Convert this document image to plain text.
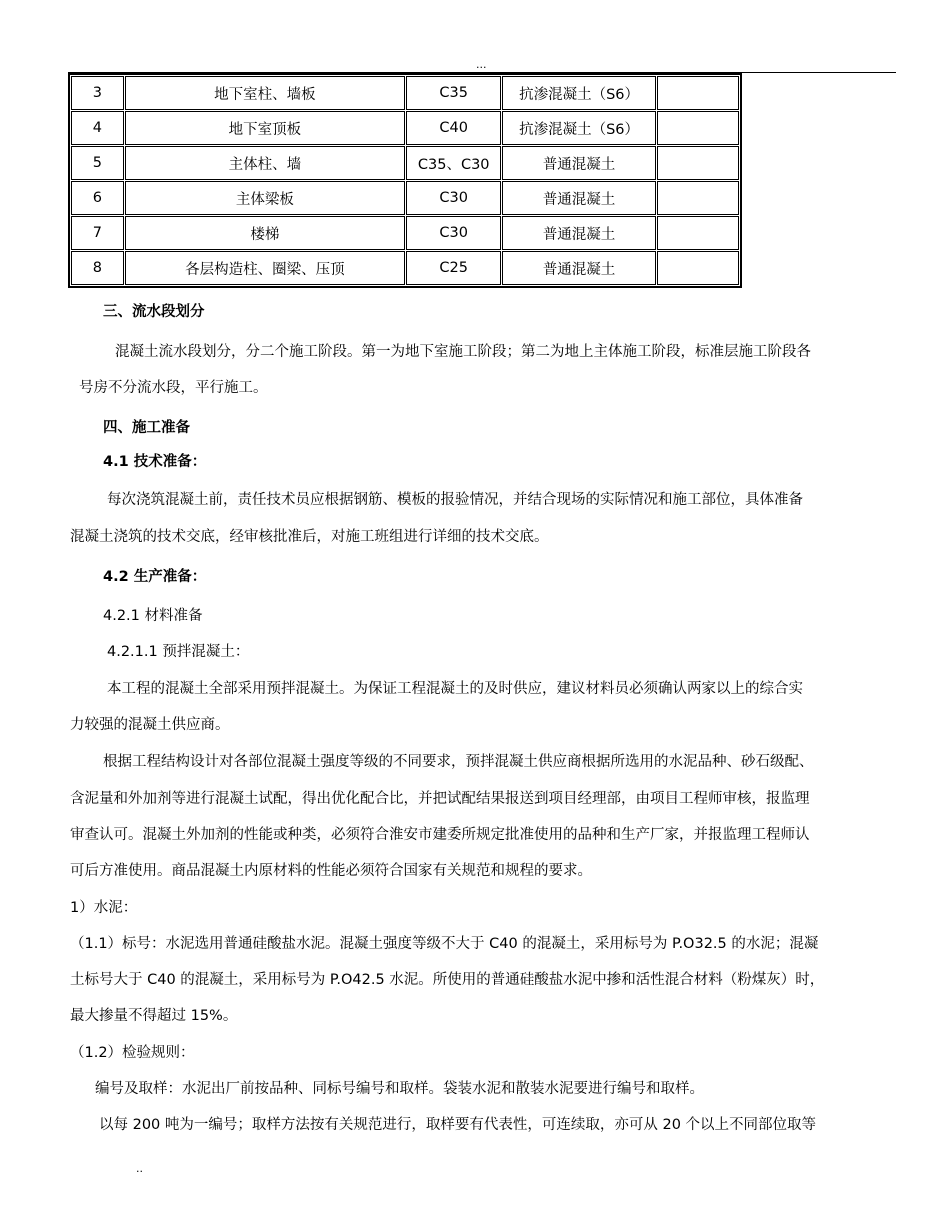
...
3	地下室柱、墙板	C35	抗渗混凝土（S6）	
4	地下室顶板	C40	抗渗混凝土（S6）	
5	主体柱、墙	C35、C30	普通混凝土	
6	主体梁板	C30	普通混凝土	
7	楼梯	C30	普通混凝土	
8	各层构造柱、圈梁、压顶	C25	普通混凝土	
三、流水段划分
混凝土流水段划分，分二个施工阶段。第一为地下室施工阶段；第二为地上主体施工阶段，标准层施工阶段各
号房不分流水段，平行施工。
四、施工准备
4.1 技术准备：
每次浇筑混凝土前，责任技术员应根据钢筋、模板的报验情况，并结合现场的实际情况和施工部位，具体准备
混凝土浇筑的技术交底，经审核批准后，对施工班组进行详细的技术交底。
4.2 生产准备：
4.2.1 材料准备
4.2.1.1 预拌混凝土：
本工程的混凝土全部采用预拌混凝土。为保证工程混凝土的及时供应，建议材料员必须确认两家以上的综合实
力较强的混凝土供应商。
根据工程结构设计对各部位混凝土强度等级的不同要求，预拌混凝土供应商根据所选用的水泥品种、砂石级配、
含泥量和外加剂等进行混凝土试配，得出优化配合比，并把试配结果报送到项目经理部，由项目工程师审核，报监理
审查认可。混凝土外加剂的性能或种类，必须符合淮安市建委所规定批准使用的品种和生产厂家，并报监理工程师认
可后方准使用。商品混凝土内原材料的性能必须符合国家有关规范和规程的要求。
1）水泥：
（1.1）标号：水泥选用普通硅酸盐水泥。混凝土强度等级不大于 C40 的混凝土，采用标号为 P.O32.5 的水泥；混凝
土标号大于 C40 的混凝土，采用标号为 P.O42.5 水泥。所使用的普通硅酸盐水泥中掺和活性混合材料（粉煤灰）时，
最大掺量不得超过 15%。
（1.2）检验规则：
编号及取样：水泥出厂前按品种、同标号编号和取样。袋装水泥和散装水泥要进行编号和取样。
以每 200 吨为一编号；取样方法按有关规范进行，取样要有代表性，可连续取，亦可从 20 个以上不同部位取等
..
